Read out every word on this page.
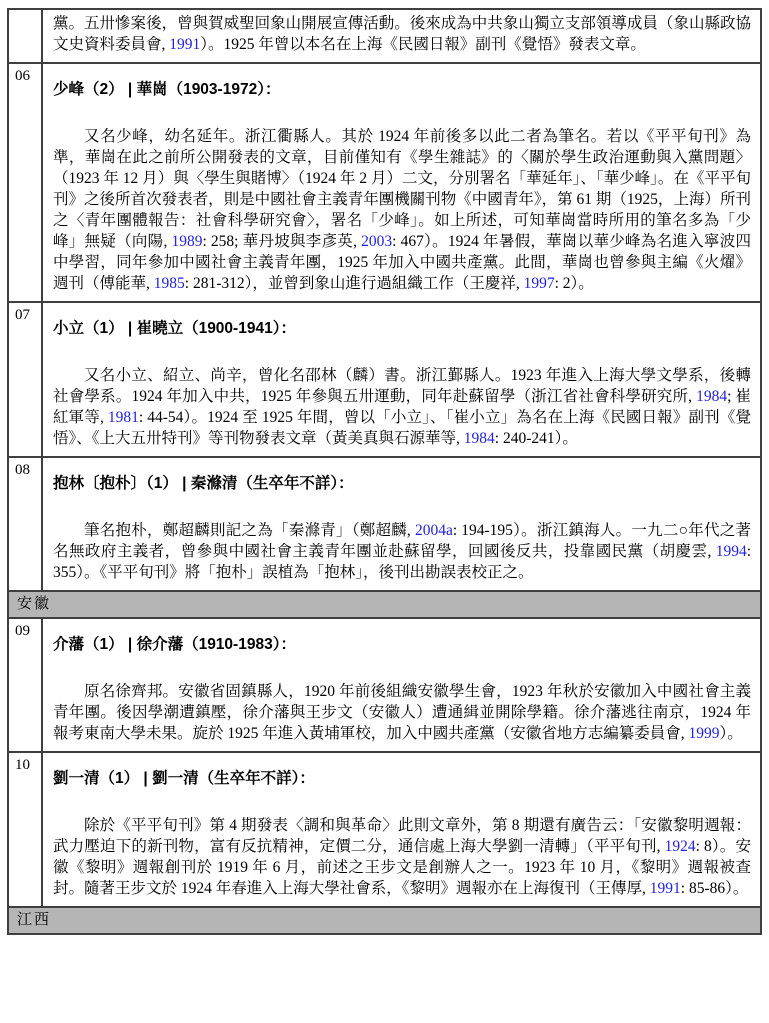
黨。五卅慘案後，曾與賀威聖回象山開展宣傳活動。後來成為中共象山獨立支部領導成員（象山縣政協文史資料委員會, 1991）。1925 年曾以本名在上海《民國日報》副刊《覺悟》發表文章。

06
少峰（2） | 華崗（1903-1972）：

又名少峰，幼名延年。浙江衢縣人。其於 1924 年前後多以此二者為筆名。若以《平平旬刊》為準，華崗在此之前所公開發表的文章，目前僅知有《學生雜誌》的〈關於學生政治運動與入黨問題〉（1923 年 12 月）與〈學生與賭博〉（1924 年 2 月）二文，分別署名「華延年」、「華少峰」。在《平平旬刊》之後所首次發表者，則是中國社會主義青年團機關刊物《中國青年》，第 61 期（1925，上海）所刊之〈青年團體報告：社會科學研究會〉，署名「少峰」。如上所述，可知華崗當時所用的筆名多為「少峰」無疑（向陽, 1989: 258; 華丹坡與李彥英, 2003: 467）。1924 年暑假，華崗以華少峰為名進入寧波四中學習，同年參加中國社會主義青年團，1925 年加入中國共產黨。此間，華崗也曾參與主編《火燿》週刊（傅能華, 1985: 281-312），並曾到象山進行過組織工作（王慶祥, 1997: 2）。

07
小立（1） | 崔曉立（1900-1941）：

又名小立、紹立、尚辛，曾化名邵林（麟）書。浙江鄞縣人。1923 年進入上海大學文學系，後轉社會學系。1924 年加入中共，1925 年參與五卅運動，同年赴蘇留學（浙江省社會科學研究所, 1984; 崔紅軍等, 1981: 44-54）。1924 至 1925 年間，曾以「小立」、「崔小立」為名在上海《民國日報》副刊《覺悟》、《上大五卅特刊》等刊物發表文章（黃美真與石源華等, 1984: 240-241）。

08
抱林〔抱朴〕（1） | 秦滌清（生卒年不詳）：

筆名抱朴，鄭超麟則記之為「秦滌青」（鄭超麟, 2004a: 194-195）。浙江鎮海人。一九二○年代之著名無政府主義者，曾參與中國社會主義青年團並赴蘇留學，回國後反共，投靠國民黨（胡慶雲, 1994: 355）。《平平旬刊》將「抱朴」誤植為「抱林」，後刊出勘誤表校正之。

安徽
09
介藩（1） | 徐介藩（1910-1983）：

原名徐齊邦。安徽省固鎮縣人，1920 年前後組織安徽學生會，1923 年秋於安徽加入中國社會主義青年團。後因學潮遭鎮壓，徐介藩與王步文（安徽人）遭通緝並開除學籍。徐介藩逃往南京，1924 年報考東南大學未果。旋於 1925 年進入黃埔軍校，加入中國共產黨（安徽省地方志編纂委員會, 1999）。

10
劉一清（1） | 劉一清（生卒年不詳）：

除於《平平旬刊》第 4 期發表〈調和與革命〉此則文章外，第 8 期還有廣告云：「安徽黎明週報：武力壓迫下的新刊物，富有反抗精神，定價二分，通信處上海大學劉一清轉」（平平旬刊, 1924: 8）。安徽《黎明》週報創刊於 1919 年 6 月，前述之王步文是創辦人之一。1923 年 10 月，《黎明》週報被查封。隨著王步文於 1924 年春進入上海大學社會系，《黎明》週報亦在上海復刊（王傳厚, 1991: 85-86）。

江西
